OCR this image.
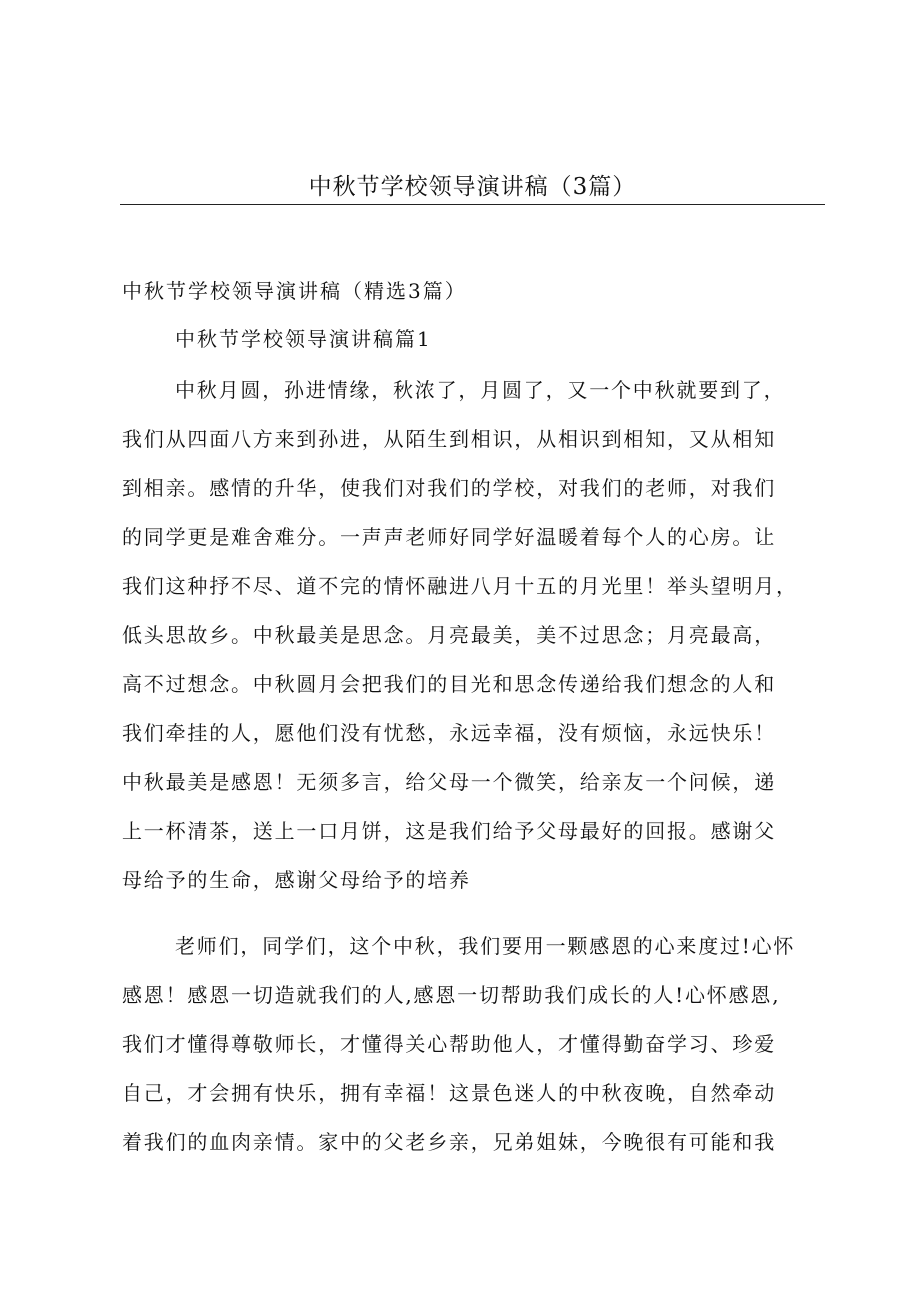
中秋节学校领导演讲稿（3篇）
中秋节学校领导演讲稿（精选3篇）
中秋节学校领导演讲稿篇1
中秋月圆，孙进情缘，秋浓了，月圆了，又一个中秋就要到了，
我们从四面八方来到孙进，从陌生到相识，从相识到相知，又从相知
到相亲。感情的升华，使我们对我们的学校，对我们的老师，对我们
的同学更是难舍难分。一声声老师好同学好温暖着每个人的心房。让
我们这种抒不尽、道不完的情怀融进八月十五的月光里！举头望明月，
低头思故乡。中秋最美是思念。月亮最美，美不过思念；月亮最高，
高不过想念。中秋圆月会把我们的目光和思念传递给我们想念的人和
我们牵挂的人，愿他们没有忧愁，永远幸福，没有烦恼，永远快乐！
中秋最美是感恩！无须多言，给父母一个微笑，给亲友一个问候，递
上一杯清茶，送上一口月饼，这是我们给予父母最好的回报。感谢父
母给予的生命，感谢父母给予的培养
老师们，同学们，这个中秋，我们要用一颗感恩的心来度过!心怀
感恩！感恩一切造就我们的人,感恩一切帮助我们成长的人!心怀感恩,
我们才懂得尊敬师长，才懂得关心帮助他人，才懂得勤奋学习、珍爱
自己，才会拥有快乐，拥有幸福！这景色迷人的中秋夜晚，自然牵动
着我们的血肉亲情。家中的父老乡亲，兄弟姐妹，今晚很有可能和我
